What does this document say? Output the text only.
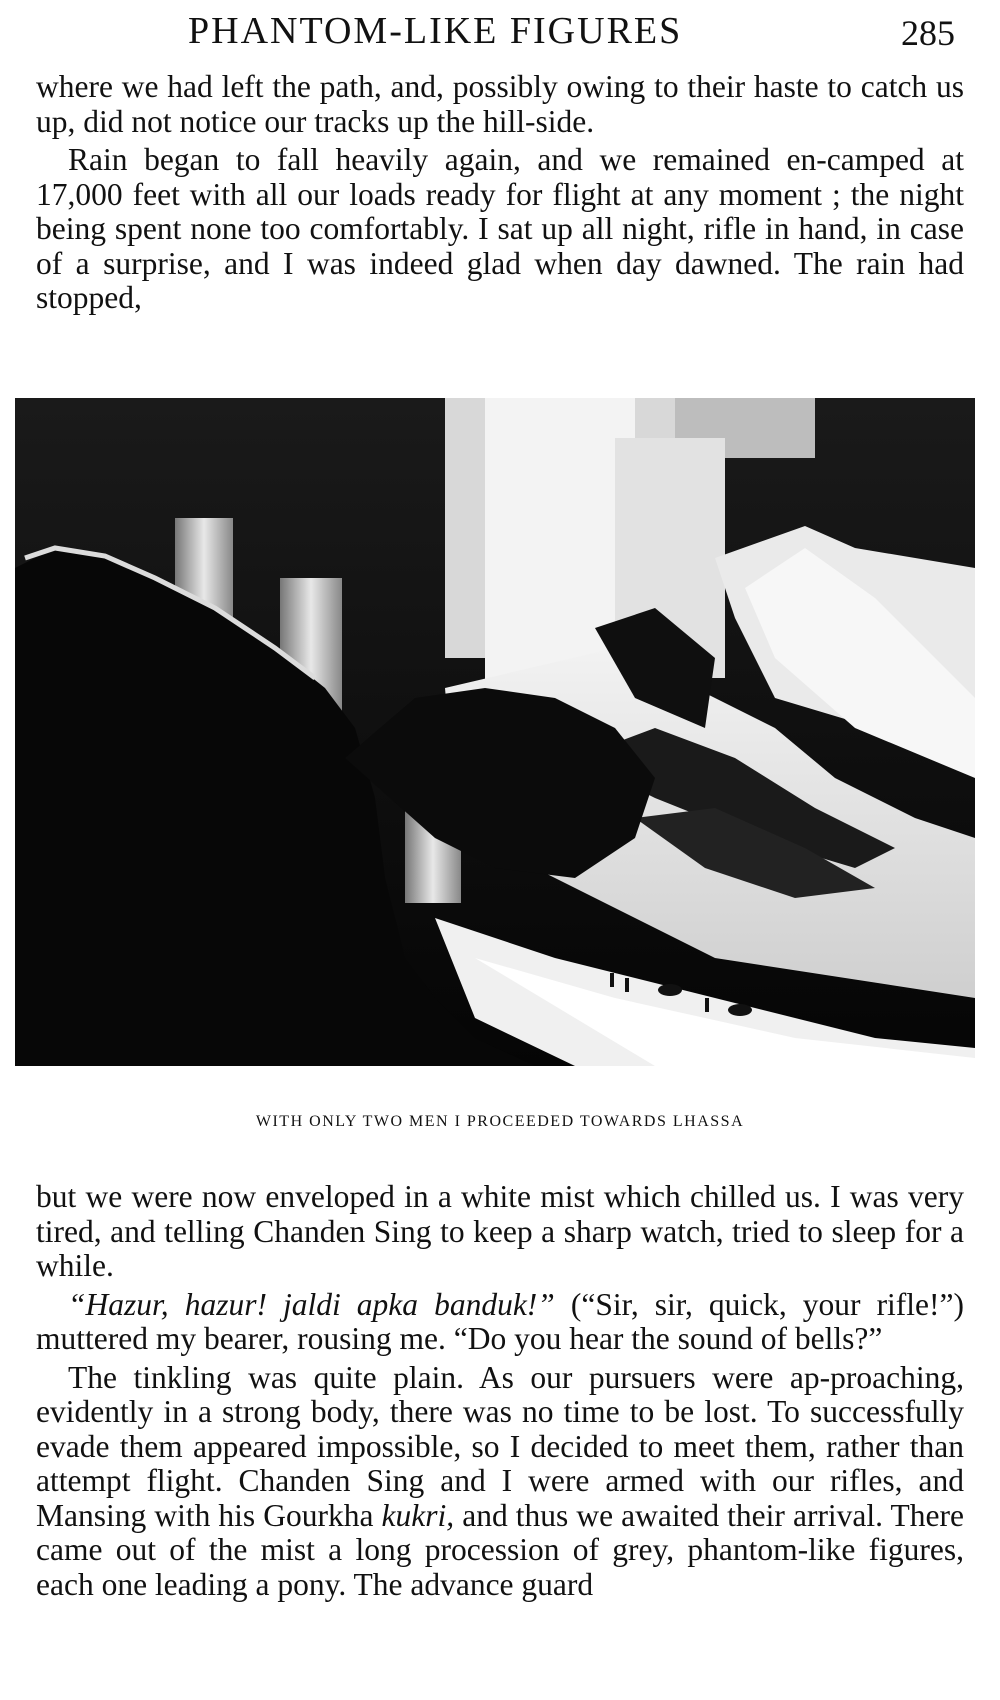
PHANTOM-LIKE FIGURES	285

where we had left the path, and, possibly owing to their haste to catch us up, did not notice our tracks up the hill-side.

Rain began to fall heavily again, and we remained en-camped at 17,000 feet with all our loads ready for flight at any moment ; the night being spent none too comfortably. I sat up all night, rifle in hand, in case of a surprise, and I was indeed glad when day dawned. The rain had stopped,

WITH ONLY TWO MEN I PROCEEDED TOWARDS LHASSA

but we were now enveloped in a white mist which chilled us. I was very tired, and telling Chanden Sing to keep a sharp watch, tried to sleep for a while.

“Hazur, hazur! jaldi apka banduk!” (“Sir, sir, quick, your rifle!”) muttered my bearer, rousing me. “Do you hear the sound of bells?”

The tinkling was quite plain. As our pursuers were ap-proaching, evidently in a strong body, there was no time to be lost. To successfully evade them appeared impossible, so I decided to meet them, rather than attempt flight. Chanden Sing and I were armed with our rifles, and Mansing with his Gourkha kukri, and thus we awaited their arrival. There came out of the mist a long procession of grey, phantom-like figures, each one leading a pony. The advance guard
